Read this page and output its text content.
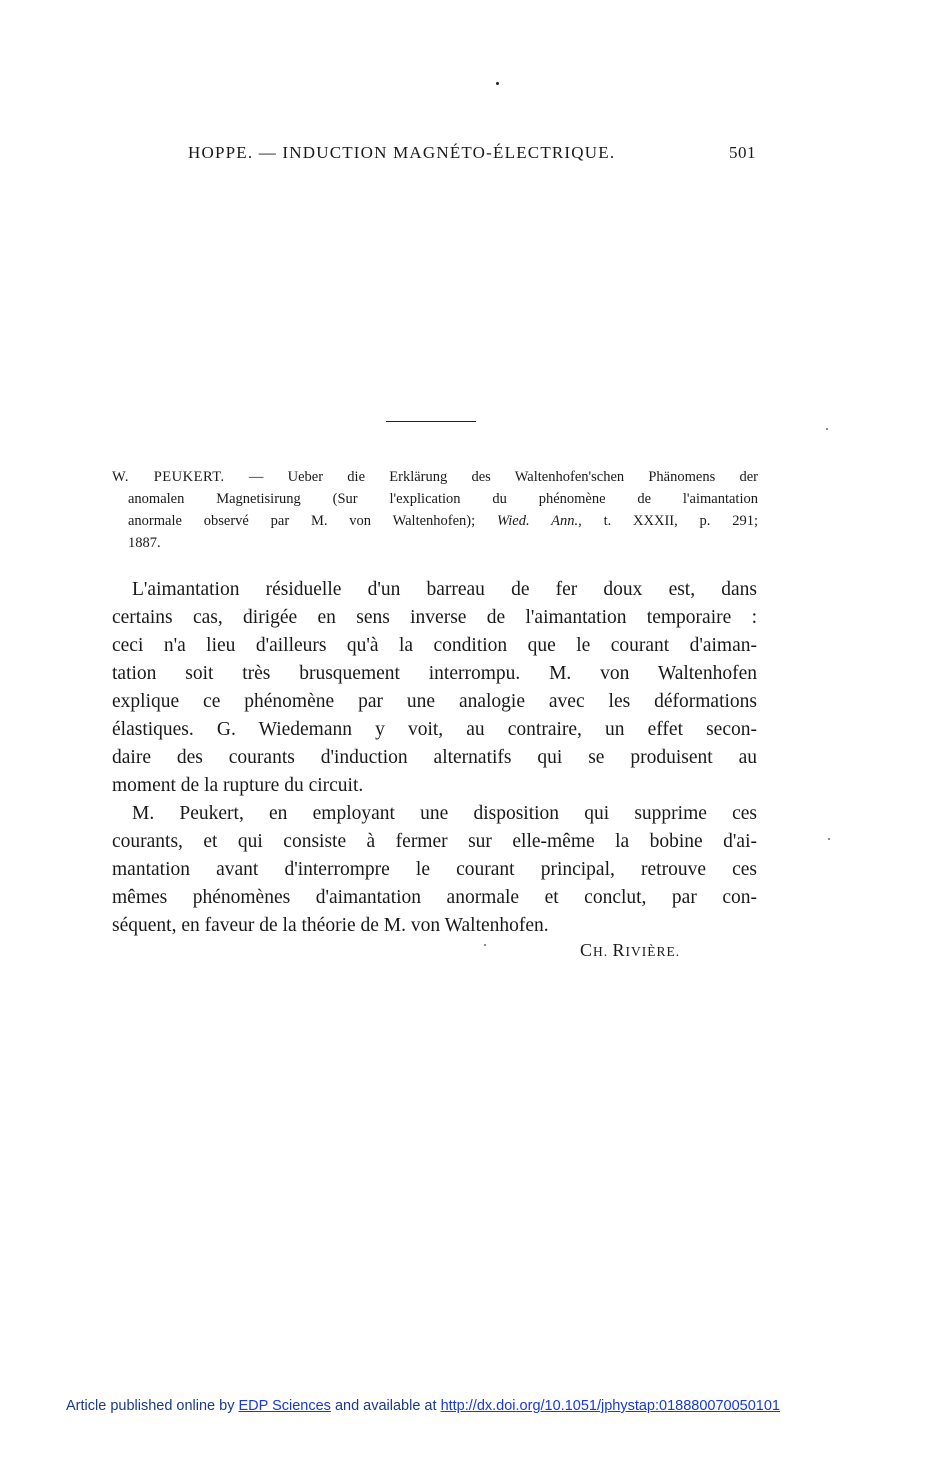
HOPPE. — INDUCTION MAGNÉTO-ÉLECTRIQUE.	501
W. PEUKERT. — Ueber die Erklärung des Waltenhofen'schen Phänomens der
anomalen Magnetisirung (Sur l'explication du phénomène de l'aimantation
anormale observé par M. von Waltenhofen); Wied. Ann., t. XXXII, p. 291;
1887.
L'aimantation résiduelle d'un barreau de fer doux est, dans
certains cas, dirigée en sens inverse de l'aimantation temporaire :
ceci n'a lieu d'ailleurs qu'à la condition que le courant d'aiman-
tation soit très brusquement interrompu. M. von Waltenhofen
explique ce phénomène par une analogie avec les déformations
élastiques. G. Wiedemann y voit, au contraire, un effet secon-
daire des courants d'induction alternatifs qui se produisent au
moment de la rupture du circuit.
M. Peukert, en employant une disposition qui supprime ces
courants, et qui consiste à fermer sur elle-même la bobine d'ai-
mantation avant d'interrompre le courant principal, retrouve ces
mêmes phénomènes d'aimantation anormale et conclut, par con-
séquent, en faveur de la théorie de M. von Waltenhofen.
CH. RIVIÈRE.
Article published online by EDP Sciences and available at http://dx.doi.org/10.1051/jphystap:018880070050101
